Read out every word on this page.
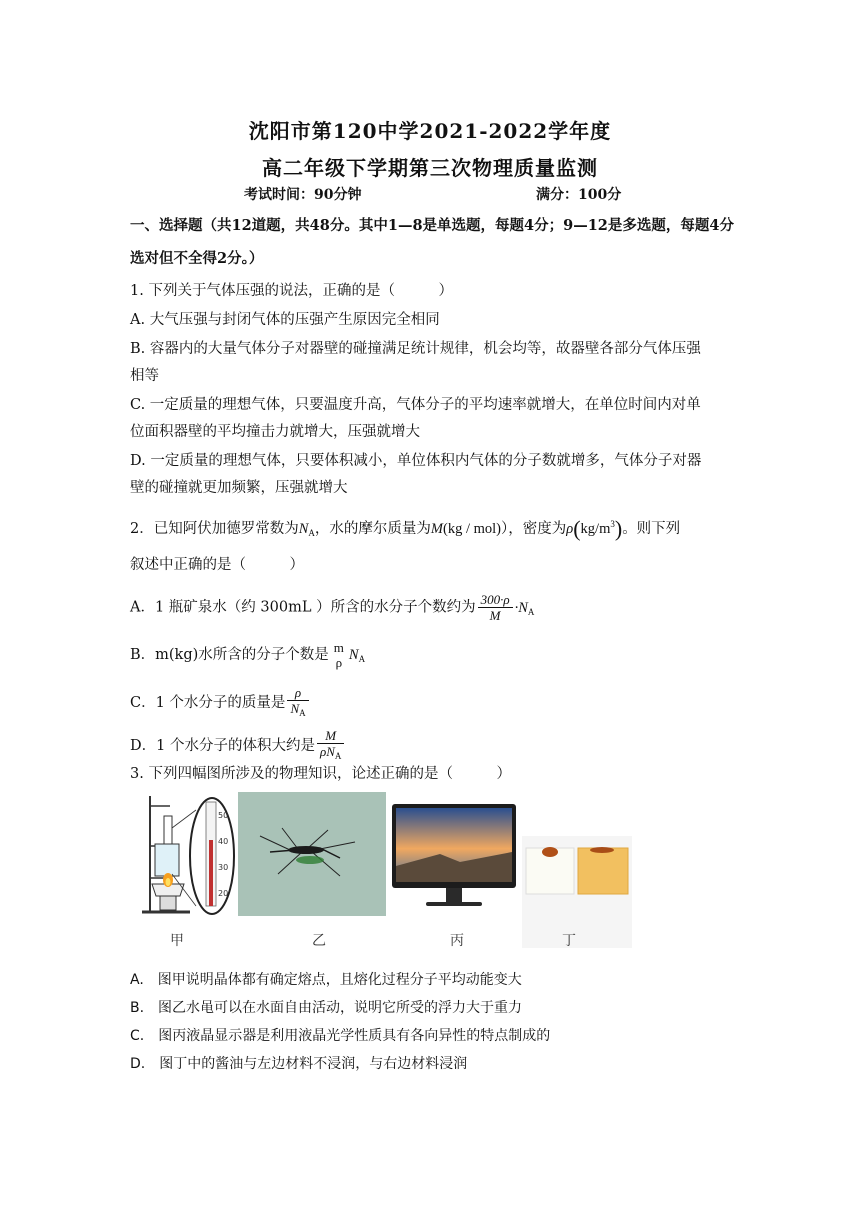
沈阳市第120中学2021-2022学年度
高二年级下学期第三次物理质量监测
考试时间：90分钟	满分：100分
一、选择题（共12道题，共48分。其中1—8是单选题，每题4分；9—12是多选题，每题4分
选对但不全得2分。）
1. 下列关于气体压强的说法，正确的是（　　　）
A. 大气压强与封闭气体的压强产生原因完全相同
B. 容器内的大量气体分子对器壁的碰撞满足统计规律，机会均等，故器壁各部分气体压强
相等
C. 一定质量的理想气体，只要温度升高，气体分子的平均速率就增大，在单位时间内对单
位面积器壁的平均撞击力就增大，压强就增大
D. 一定质量的理想气体，只要体积减小，单位体积内气体的分子数就增多，气体分子对器
壁的碰撞就更加频繁，压强就增大
2．已知阿伏加德罗常数为$N_A$，水的摩尔质量为M(kg / mol)），密度为$\rho(kg/m^3)$。则下列
叙述中正确的是（　　　）
A．1 瓶矿泉水（约 300mL ）所含的水分子个数约为 $\frac{300\cdot\rho}{M} \cdot N_A$
B．m(kg)水所含的分子个数是 m
ρ $N_A$
C．1 个水分子的质量是 $\frac{\rho}{N_A}$
D．1 个水分子的体积大约是 $\frac{M}{\rho N_A}$
3. 下列四幅图所涉及的物理知识，论述正确的是（　　　）
50
40
30
20
甲	乙	丙	丁
A.　图甲说明晶体都有确定熔点，且熔化过程分子平均动能变大
B.　图乙水黾可以在水面自由活动，说明它所受的浮力大于重力
C.　图丙液晶显示器是利用液晶光学性质具有各向异性的特点制成的
D.　图丁中的酱油与左边材料不浸润，与右边材料浸润
